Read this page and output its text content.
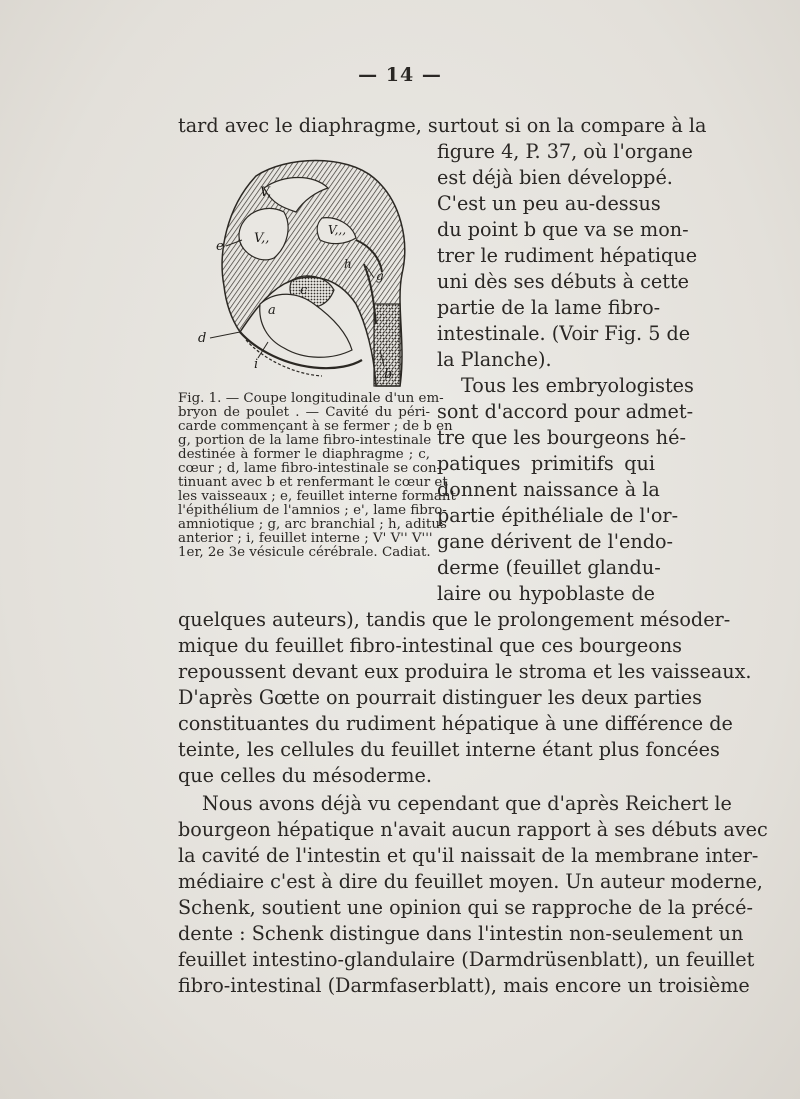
— 14 —
tard avec le diaphragme, surtout si on la compare à la
V,
V,,
V,,,
e
c
a
d
i
b
g
h
Fig. 1. — Coupe longitudinale d'un em-
bryon de poulet . — Cavité du péri-
carde commençant à se fermer ; de b en
g, portion de la lame fibro-intestinale
destinée à former le diaphragme ; c,
cœur ; d, lame fibro-intestinale se con-
tinuant avec b et renfermant le cœur et
les vaisseaux ; e, feuillet interne formant
l'épithélium de l'amnios ; e', lame fibro-
amniotique ; g, arc branchial ; h, aditus
anterior ; i, feuillet interne ; V' V'' V'''
1er, 2e 3e vésicule cérébrale. Cadiat.
figure 4, P. 37, où l'organe
est déjà bien développé.
C'est un peu au-dessus
du point b que va se mon-
trer le rudiment hépatique
uni dès ses débuts à cette
partie de la lame fibro-
intestinale. (Voir Fig. 5 de
la Planche).
Tous les embryologistes
sont d'accord pour admet-
tre que les bourgeons hé-
patiques primitifs qui
donnent naissance à la
partie épithéliale de l'or-
gane dérivent de l'endo-
derme (feuillet glandu-
laire ou hypoblaste de
quelques auteurs), tandis que le prolongement mésoder-
mique du feuillet fibro-intestinal que ces bourgeons
repoussent devant eux produira le stroma et les vaisseaux.
D'après Gœtte on pourrait distinguer les deux parties
constituantes du rudiment hépatique à une différence de
teinte, les cellules du feuillet interne étant plus foncées
que celles du mésoderme.
Nous avons déjà vu cependant que d'après Reichert le
bourgeon hépatique n'avait aucun rapport à ses débuts avec
la cavité de l'intestin et qu'il naissait de la membrane inter-
médiaire c'est à dire du feuillet moyen. Un auteur moderne,
Schenk, soutient une opinion qui se rapproche de la précé-
dente : Schenk distingue dans l'intestin non-seulement un
feuillet intestino-glandulaire (Darmdrüsenblatt), un feuillet
fibro-intestinal (Darmfaserblatt), mais encore un troisième
